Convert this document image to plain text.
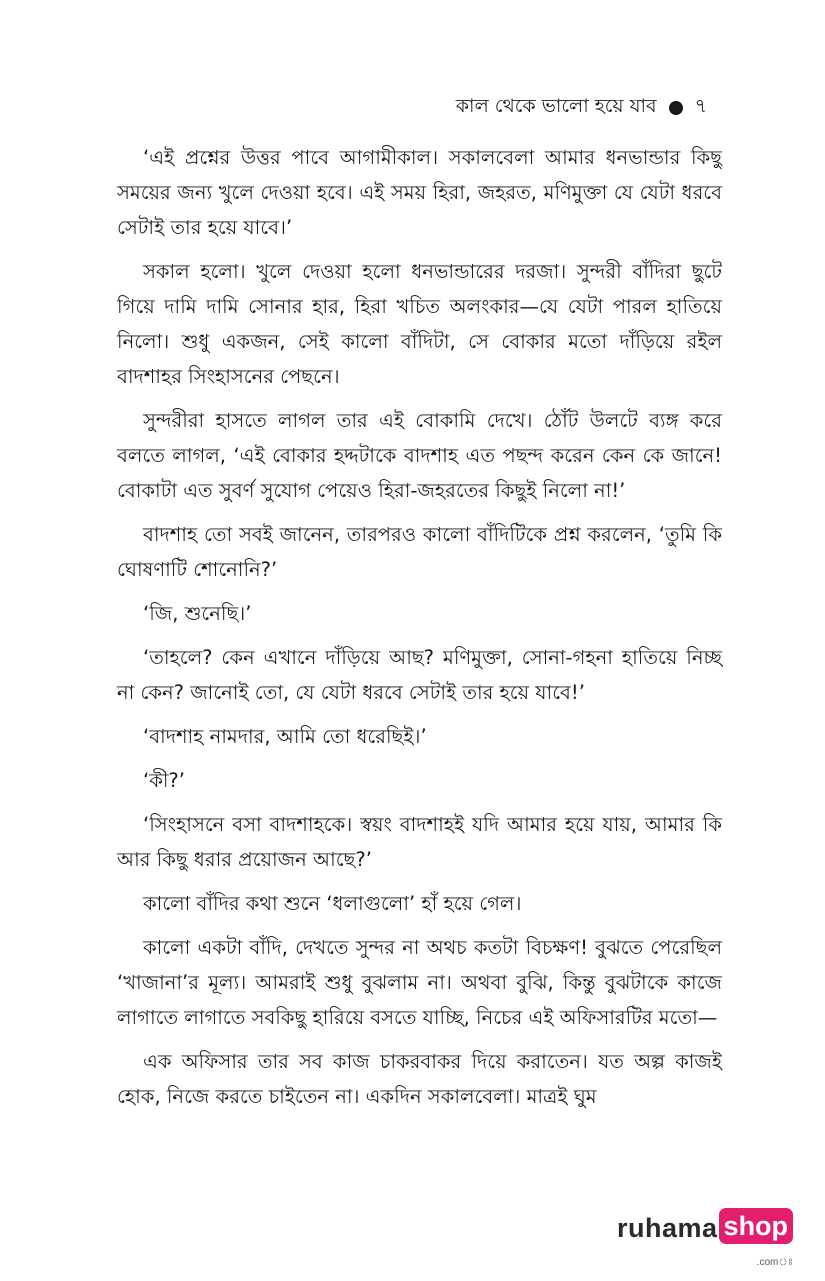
কাল থেকে ভালো হয়ে যাব ৭

‘এই প্রশ্নের উত্তর পাবে আগামীকাল। সকালবেলা আমার ধনভান্ডার কিছু সময়ের জন্য খুলে দেওয়া হবে। এই সময় হিরা, জহরত, মণিমুক্তা যে যেটা ধরবে সেটাই তার হয়ে যাবে।’

সকাল হলো। খুলে দেওয়া হলো ধনভান্ডারের দরজা। সুন্দরী বাঁদিরা ছুটে গিয়ে দামি দামি সোনার হার, হিরা খচিত অলংকার—যে যেটা পারল হাতিয়ে নিলো। শুধু একজন, সেই কালো বাঁদিটা, সে বোকার মতো দাঁড়িয়ে রইল বাদশাহর সিংহাসনের পেছনে।

সুন্দরীরা হাসতে লাগল তার এই বোকামি দেখে। ঠোঁট উলটে ব্যঙ্গ করে বলতে লাগল, ‘এই বোকার হদ্দটাকে বাদশাহ এত পছন্দ করেন কেন কে জানে! বোকাটা এত সুবর্ণ সুযোগ পেয়েও হিরা-জহরতের কিছুই নিলো না!’

বাদশাহ তো সবই জানেন, তারপরও কালো বাঁদিটিকে প্রশ্ন করলেন, ‘তুমি কি ঘোষণাটি শোনোনি?’

‘জি, শুনেছি।’

‘তাহলে? কেন এখানে দাঁড়িয়ে আছ? মণিমুক্তা, সোনা-গহনা হাতিয়ে নিচ্ছ না কেন? জানোই তো, যে যেটা ধরবে সেটাই তার হয়ে যাবে!’

‘বাদশাহ নামদার, আমি তো ধরেছিই।’

‘কী?’

‘সিংহাসনে বসা বাদশাহকে। স্বয়ং বাদশাহই যদি আমার হয়ে যায়, আমার কি আর কিছু ধরার প্রয়োজন আছে?’

কালো বাঁদির কথা শুনে ‘ধলাগুলো’ হাঁ হয়ে গেল।

কালো একটা বাঁদি, দেখতে সুন্দর না অথচ কতটা বিচক্ষণ! বুঝতে পেরেছিল ‘খাজানা’র মূল্য। আমরাই শুধু বুঝলাম না। অথবা বুঝি, কিন্তু বুঝটাকে কাজে লাগাতে লাগাতে সবকিছু হারিয়ে বসতে যাচ্ছি, নিচের এই অফিসারটির মতো—

এক অফিসার তার সব কাজ চাকরবাকর দিয়ে করাতেন। যত অল্প কাজই হোক, নিজে করতে চাইতেন না। একদিন সকালবেলা। মাত্রই ঘুম

ruhama shop
.comঃ
